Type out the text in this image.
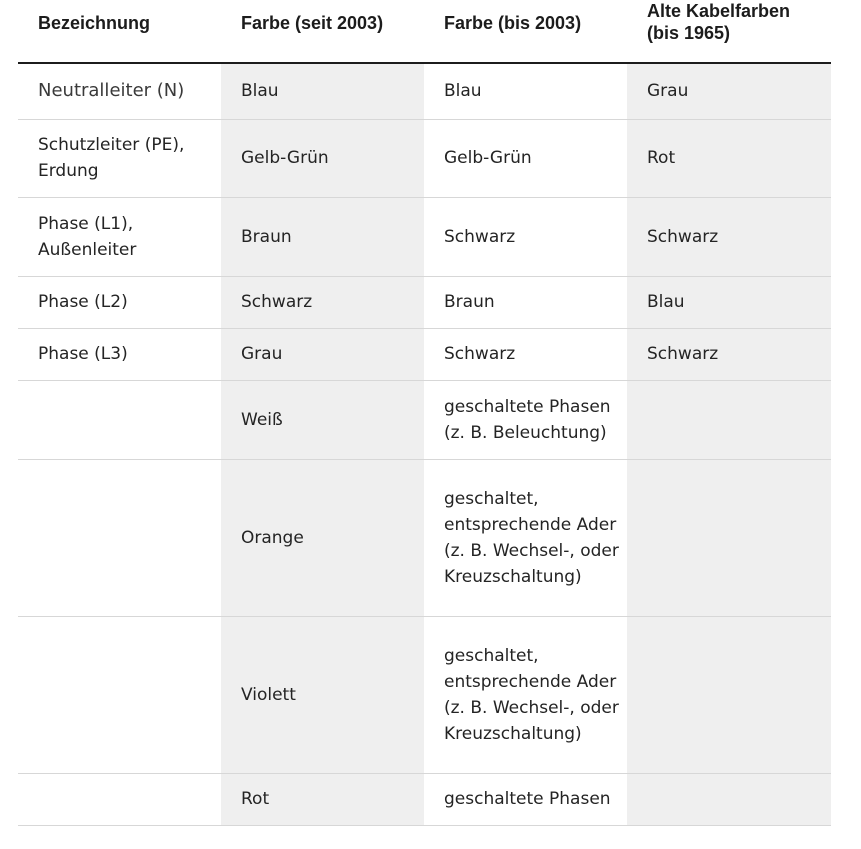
Bezeichnung	Farbe (seit 2003)	Farbe (bis 2003)	Alte Kabelfarben (bis 1965)
Neutralleiter (N)	Blau	Blau	Grau
Schutzleiter (PE), Erdung	Gelb-Grün	Gelb-Grün	Rot
Phase (L1), Außenleiter	Braun	Schwarz	Schwarz
Phase (L2)	Schwarz	Braun	Blau
Phase (L3)	Grau	Schwarz	Schwarz
	Weiß	geschaltete Phasen (z. B. Beleuchtung)	
	Orange	geschaltet, entsprechende Ader (z. B. Wechsel-, oder Kreuzschaltung)	
	Violett	geschaltet, entsprechende Ader (z. B. Wechsel-, oder Kreuzschaltung)	
	Rot	geschaltete Phasen	
